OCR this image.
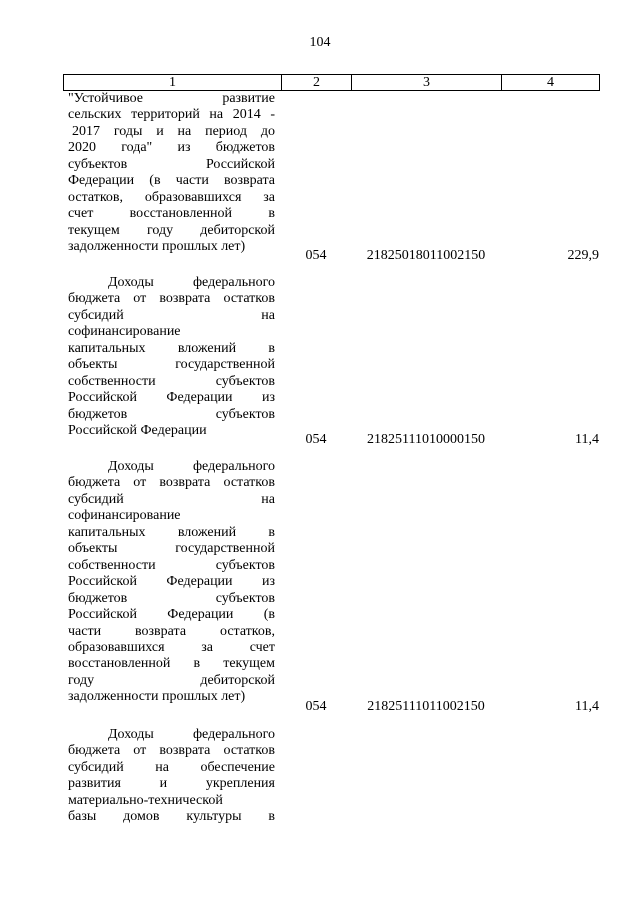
104
1	2	3	4
"Устойчивое развитие
сельских территорий на 2014 -
2017 годы и на период до
2020 года" из бюджетов
субъектов Российской
Федерации (в части возврата
остатков, образовавшихся за
счет восстановленной в
текущем году дебиторской
задолженности прошлых лет)
054	21825018011002150	229,9
Доходы федерального
бюджета от возврата остатков
субсидий на
софинансирование
капитальных вложений в
объекты государственной
собственности субъектов
Российской Федерации из
бюджетов субъектов
Российской Федерации
054	21825111010000150	11,4
Доходы федерального
бюджета от возврата остатков
субсидий на
софинансирование
капитальных вложений в
объекты государственной
собственности субъектов
Российской Федерации из
бюджетов субъектов
Российской Федерации (в
части возврата остатков,
образовавшихся за счет
восстановленной в текущем
году дебиторской
задолженности прошлых лет)
054	21825111011002150	11,4
Доходы федерального
бюджета от возврата остатков
субсидий на обеспечение
развития и укрепления
материально-технической
базы домов культуры в
